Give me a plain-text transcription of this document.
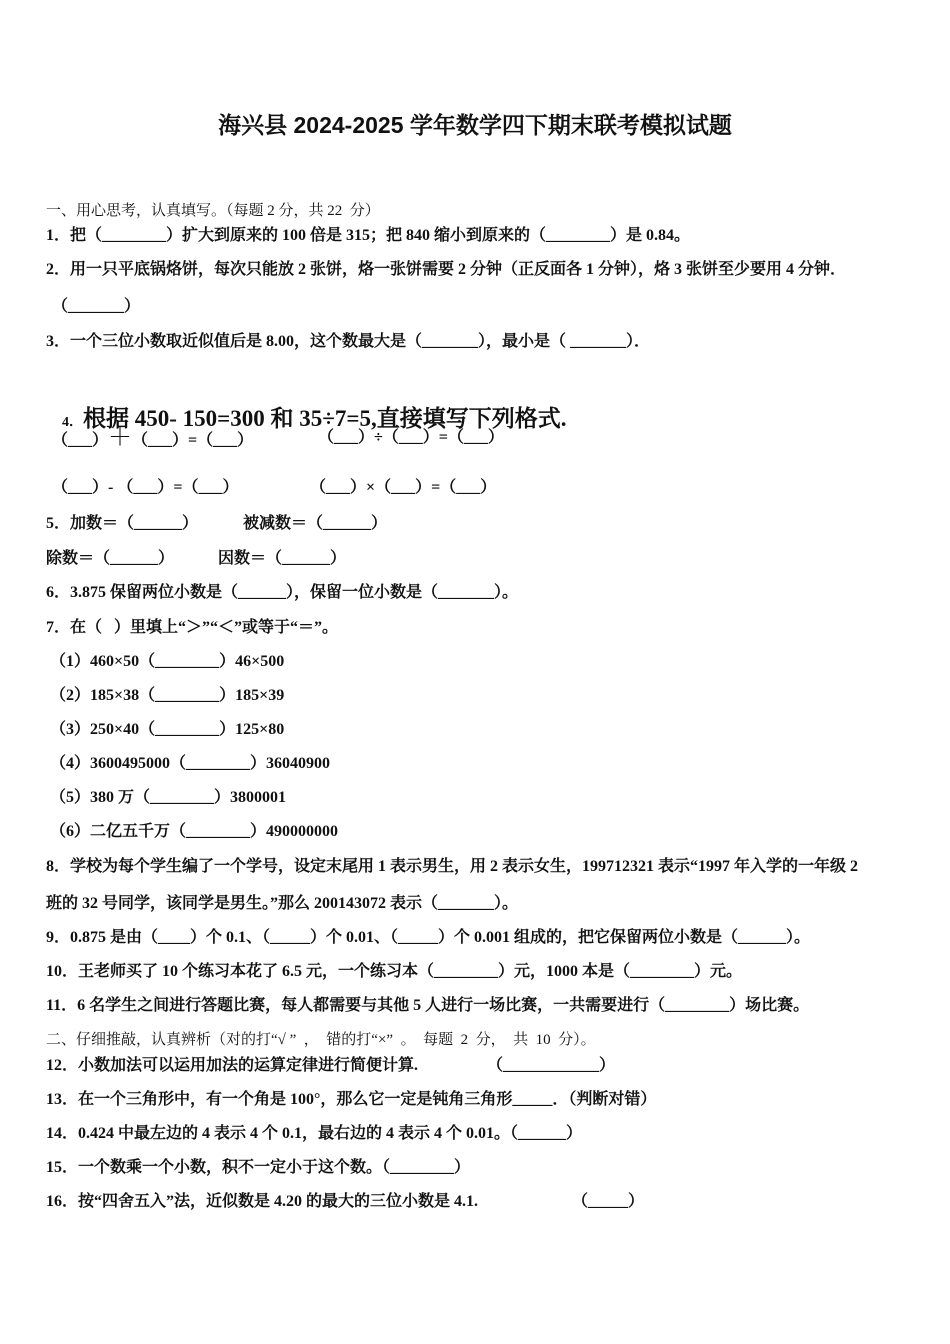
海兴县 2024-2025 学年数学四下期末联考模拟试题
一、用心思考，认真填写。（每题 2 分，共 22  分）
1．把（________）扩大到原来的 100 倍是 315；把 840 缩小到原来的（________）是 0.84。
2．用一只平底锅烙饼，每次只能放 2 张饼，烙一张饼需要 2 分钟（正反面各 1 分钟），烙 3 张饼至少要用 4 分钟．
（_______）
3．一个三位小数取近似值后是 8.00，这个数最大是（_______），最小是（ _______）．

4．根据 450- 150=300 和 35÷7=5,直接填写下列格式.

（___）＋（___）=（___）	（___）÷（___）=（___）
（___）- （___）=（___）	（___）×（___）=（___）
5．加数＝（______）	被减数＝（______）
除数＝（______）	因数＝（______）
6．3.875 保留两位小数是（______），保留一位小数是（_______）。
7．在（   ）里填上“＞”“＜”或等于“＝”。
（1）460×50（________）46×500
（2）185×38（________）185×39
（3）250×40（________）125×80
（4）3600495000（________）36040900
（5）380 万（________）3800001
（6）二亿五千万（________）490000000
8．学校为每个学生编了一个学号，设定末尾用 1 表示男生，用 2 表示女生，199712321 表示“1997 年入学的一年级 2
班的 32 号同学，该同学是男生。”那么 200143072 表示（_______）。
9．0.875 是由（____）个 0.1、（_____）个 0.01、（_____）个 0.001 组成的，把它保留两位小数是（______）。
10．王老师买了 10 个练习本花了 6.5 元，一个练习本（________）元，1000 本是（________）元。
11．6 名学生之间进行答题比赛，每人都需要与其他 5 人进行一场比赛，一共需要进行（________）场比赛。
二、仔细推敲，认真辨析（对的打“√ ”  ，  错的打“×”  。  每题  2  分，  共  10  分）。
12．小数加法可以运用加法的运算定律进行简便计算.	（____________）
13．在一个三角形中，有一个角是 100°，那么它一定是钝角三角形_____．（判断对错）
14．0.424 中最左边的 4 表示 4 个 0.1，最右边的 4 表示 4 个 0.01。（______）
15．一个数乘一个小数，积不一定小于这个数。（________）
16．按“四舍五入”法，近似数是 4.20 的最大的三位小数是 4.1.	（_____）
